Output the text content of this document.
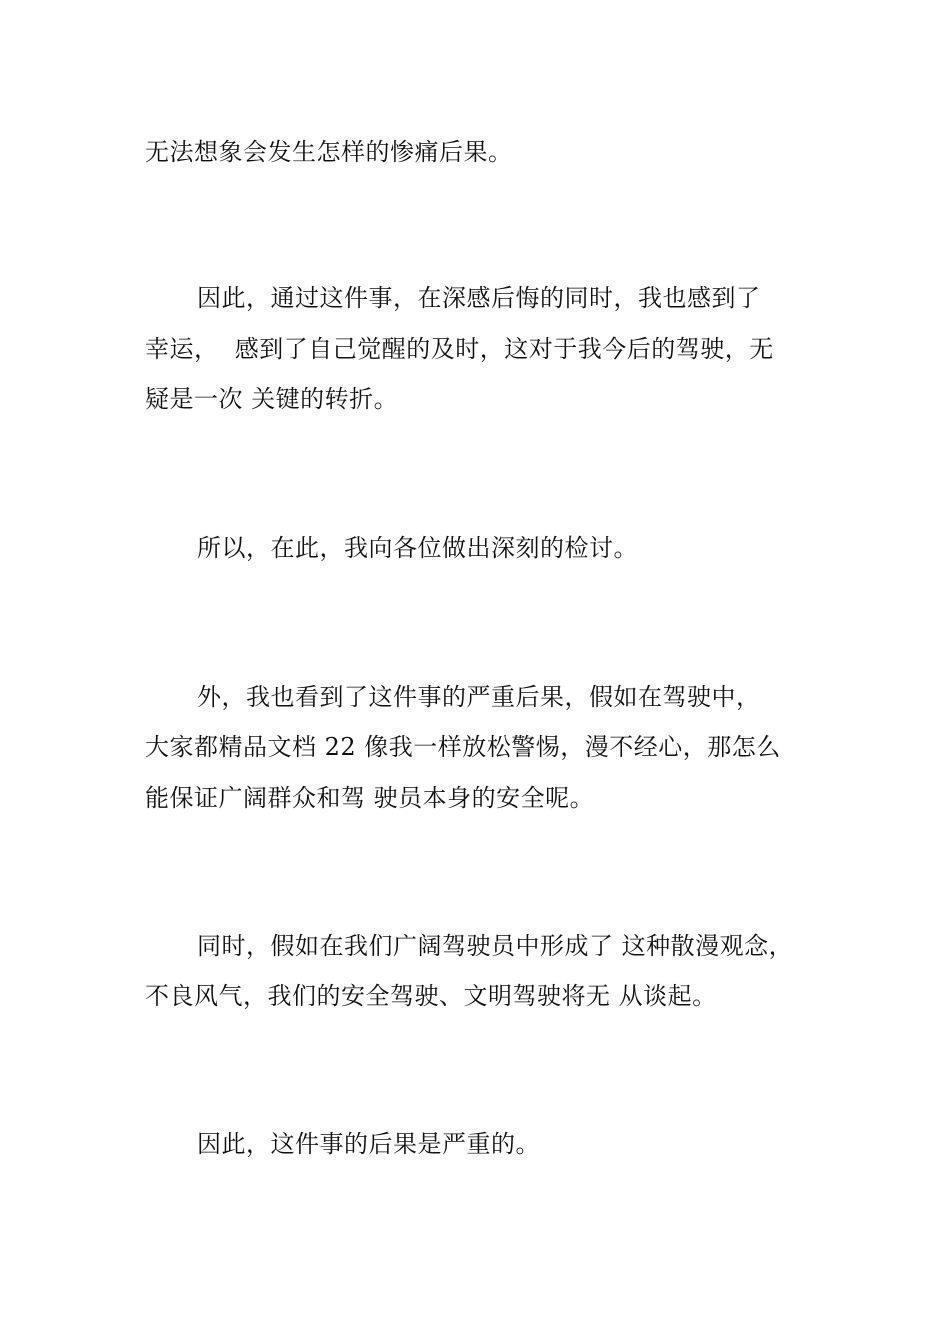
无法想象会发生怎样的惨痛后果。
因此，通过这件事，在深感后悔的同时，我也感到了
幸运，  感到了自己觉醒的及时，这对于我今后的驾驶，无
疑是一次 关键的转折。
所以，在此，我向各位做出深刻的检讨。
外，我也看到了这件事的严重后果，假如在驾驶中，
大家都精品文档 22 像我一样放松警惕，漫不经心，那怎么
能保证广阔群众和驾 驶员本身的安全呢。
同时，假如在我们广阔驾驶员中形成了 这种散漫观念，
不良风气，我们的安全驾驶、文明驾驶将无 从谈起。
因此，这件事的后果是严重的。
